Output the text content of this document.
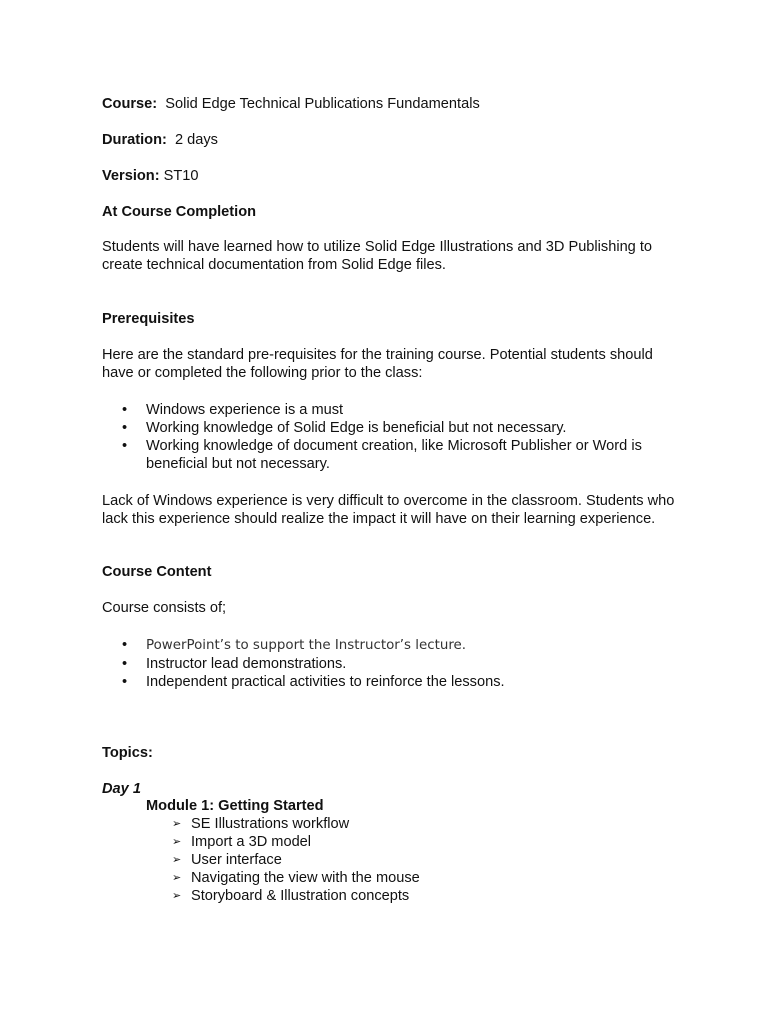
Course: Solid Edge Technical Publications Fundamentals
Duration: 2 days
Version: ST10
At Course Completion
Students will have learned how to utilize Solid Edge Illustrations and 3D Publishing to create technical documentation from Solid Edge files.
Prerequisites
Here are the standard pre-requisites for the training course. Potential students should have or completed the following prior to the class:
• Windows experience is a must
• Working knowledge of Solid Edge is beneficial but not necessary.
• Working knowledge of document creation, like Microsoft Publisher or Word is beneficial but not necessary.
Lack of Windows experience is very difficult to overcome in the classroom. Students who lack this experience should realize the impact it will have on their learning experience.
Course Content
Course consists of;
• PowerPoint’s to support the Instructor’s lecture.
• Instructor lead demonstrations.
• Independent practical activities to reinforce the lessons.
Topics:
Day 1
Module 1: Getting Started
➢ SE Illustrations workflow
➢ Import a 3D model
➢ User interface
➢ Navigating the view with the mouse
➢ Storyboard & Illustration concepts
